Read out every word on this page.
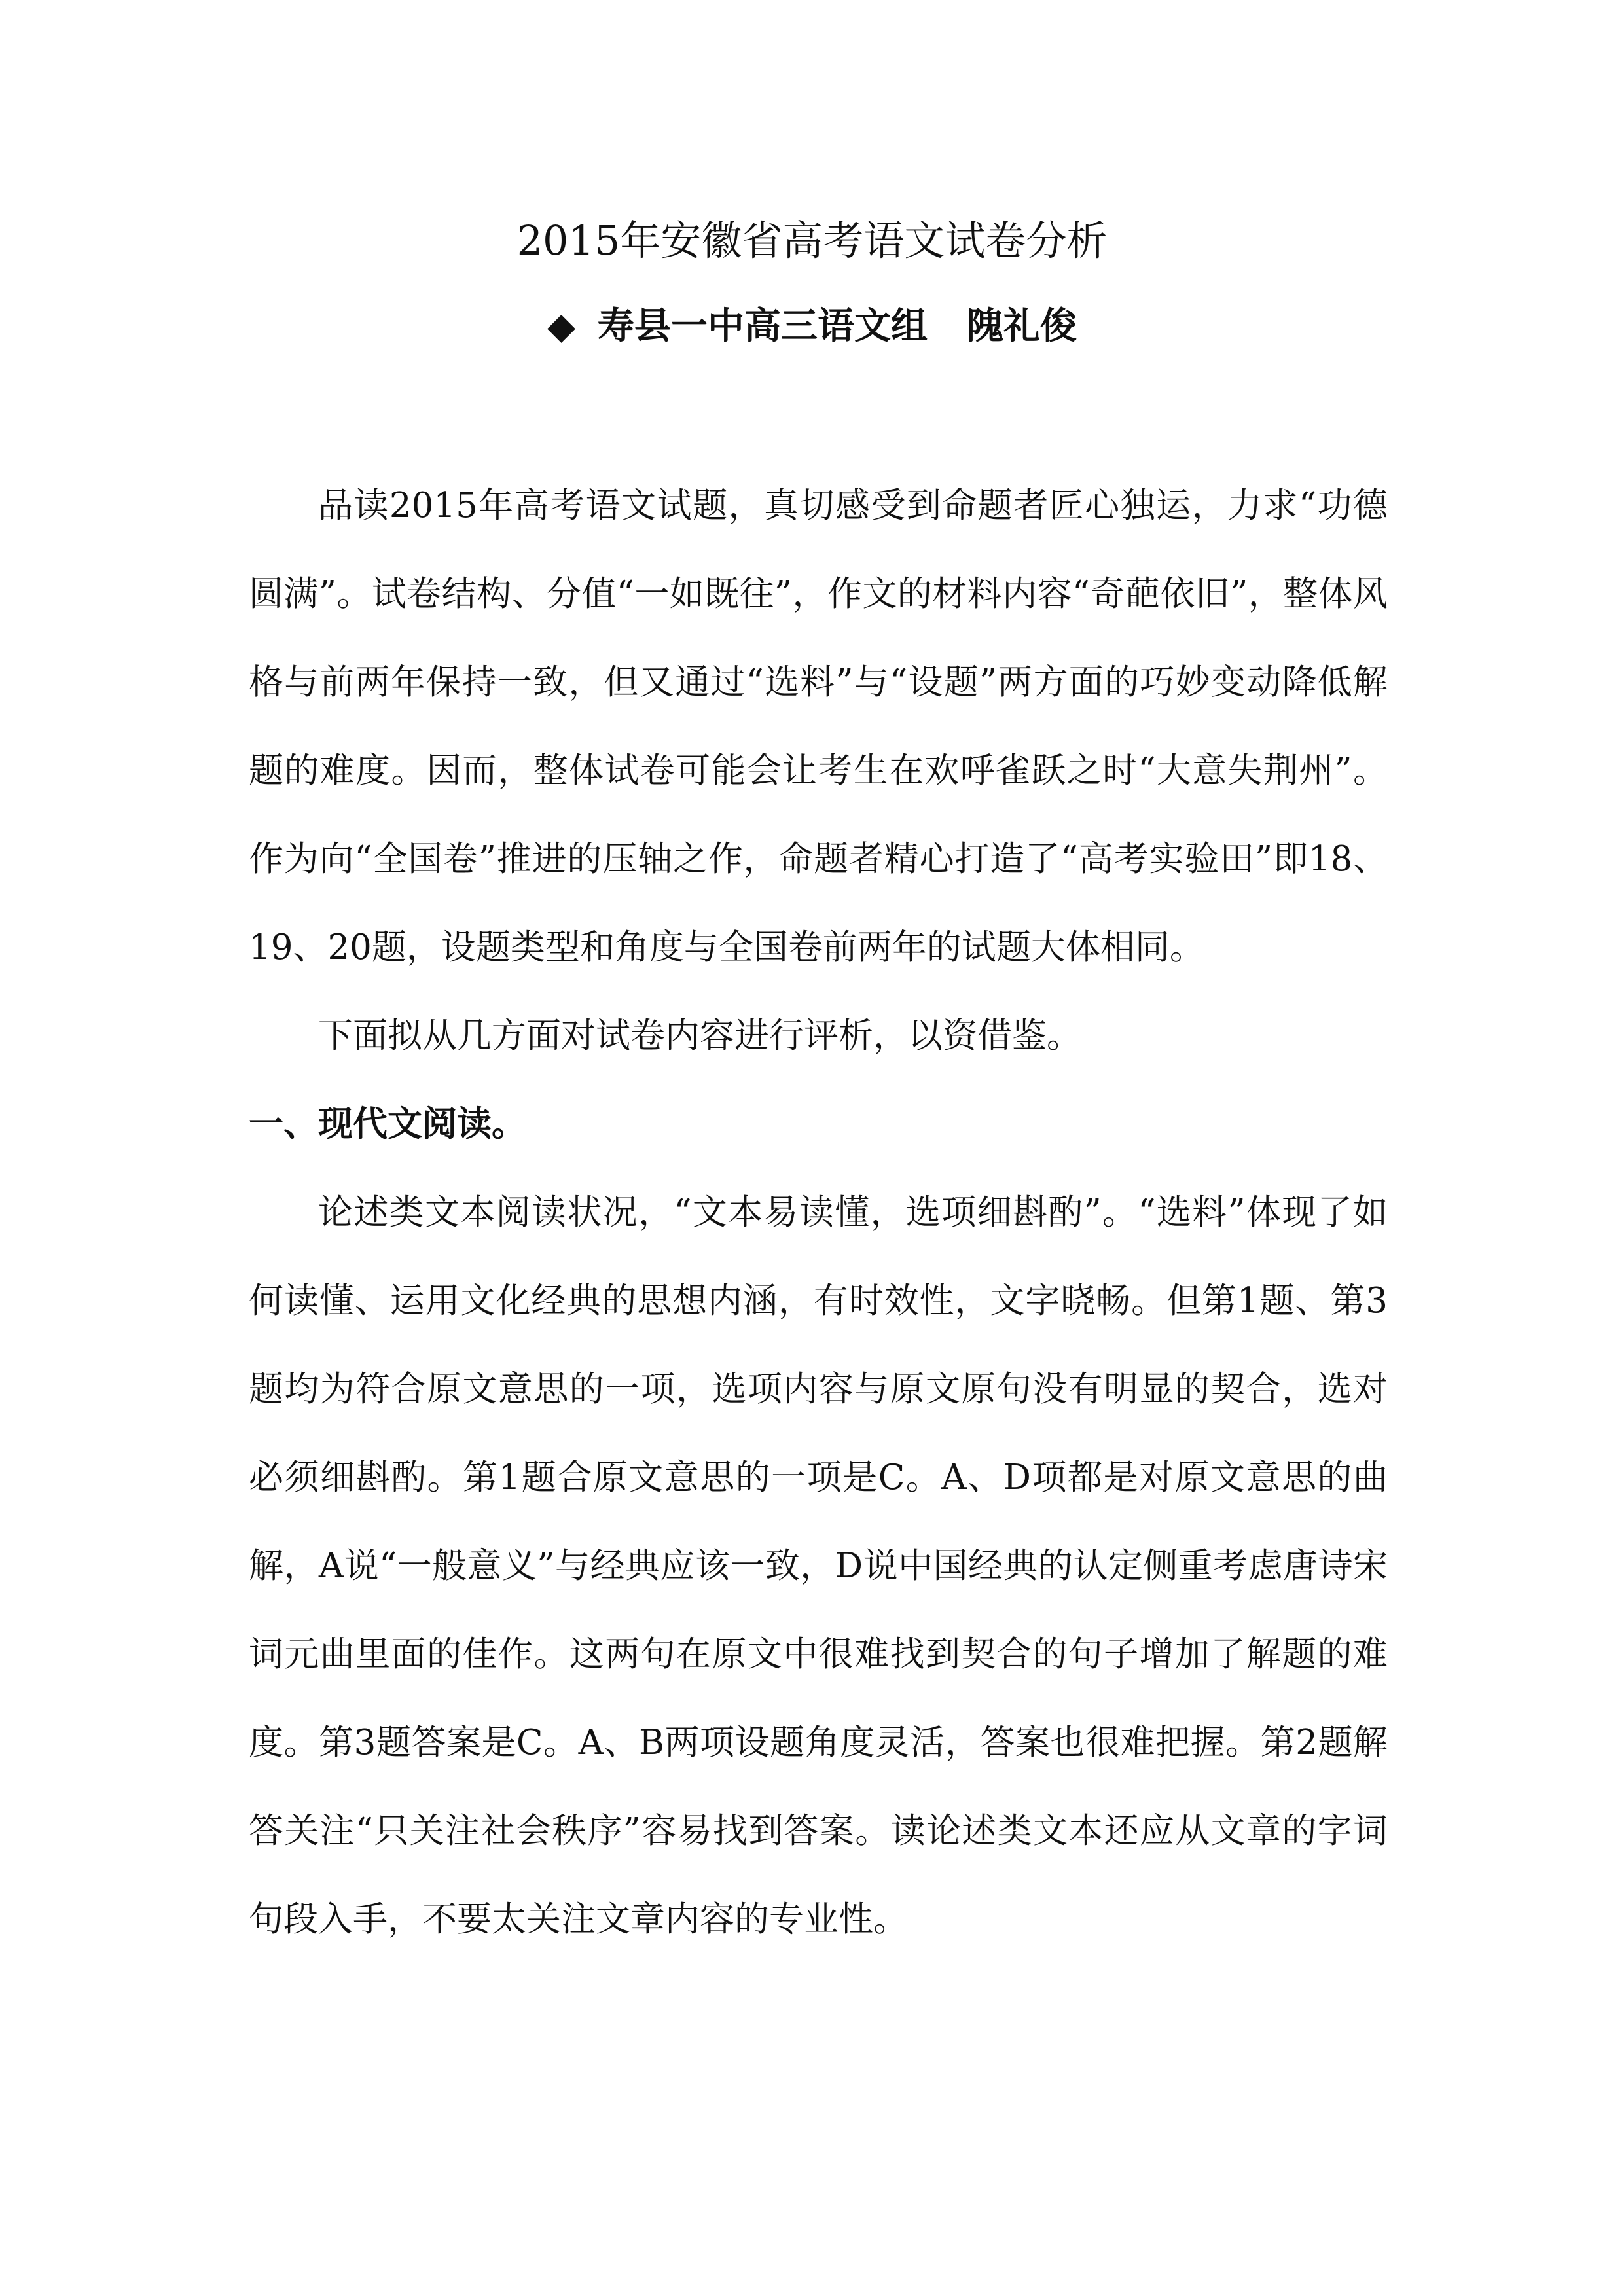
2015年安徽省高考语文试卷分析
◆ 寿县一中高三语文组 隗礼俊

品读2015年高考语文试题，真切感受到命题者匠心独运，力求“功德圆满”。试卷结构、分值“一如既往”，作文的材料内容“奇葩依旧”，整体风格与前两年保持一致，但又通过“选料”与“设题”两方面的巧妙变动降低解题的难度。因而，整体试卷可能会让考生在欢呼雀跃之时“大意失荆州”。作为向“全国卷”推进的压轴之作，命题者精心打造了“高考实验田”即18、19、20题，设题类型和角度与全国卷前两年的试题大体相同。

下面拟从几方面对试卷内容进行评析，以资借鉴。

一、现代文阅读。

论述类文本阅读状况，“文本易读懂，选项细斟酌”。“选料”体现了如何读懂、运用文化经典的思想内涵，有时效性，文字晓畅。但第1题、第3题均为符合原文意思的一项，选项内容与原文原句没有明显的契合，选对必须细斟酌。第1题合原文意思的一项是C。A、D项都是对原文意思的曲解，A说“一般意义”与经典应该一致，D说中国经典的认定侧重考虑唐诗宋词元曲里面的佳作。这两句在原文中很难找到契合的句子增加了解题的难度。第3题答案是C。A、B两项设题角度灵活，答案也很难把握。第2题解答关注“只关注社会秩序”容易找到答案。读论述类文本还应从文章的字词句段入手，不要太关注文章内容的专业性。
